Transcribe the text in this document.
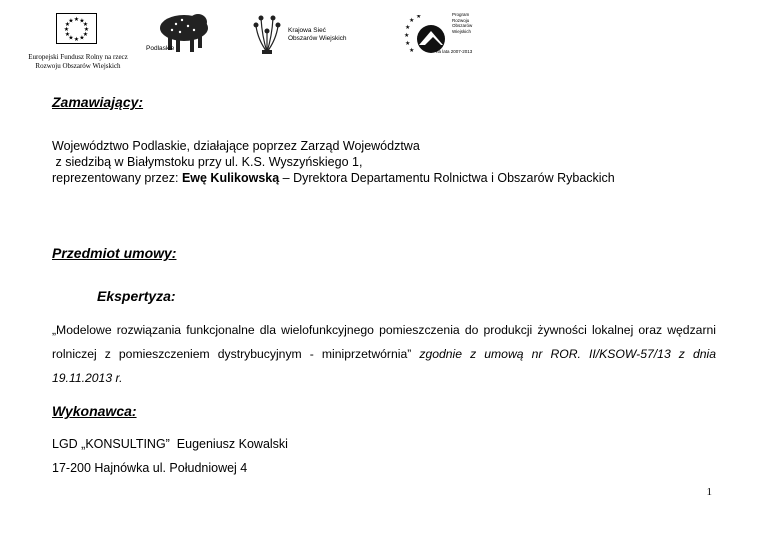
★ ★
★
★
★
★
★
★
★
★
★
★
Europejski Fundusz Rolny na rzecz
Rozwoju Obszarów Wiejskich
Podlaskie
Krajowa Sieć
Obszarów Wiejskich
★
★
★
★
★
★
Program
Rozwoju
Obszarów
Wiejskich
na lata 2007-2013
Zamawiający:
Województwo Podlaskie, działające poprzez Zarząd Województwa
z siedzibą w Białymstoku przy ul. K.S. Wyszyńskiego 1,
reprezentowany przez: Ewę Kulikowską – Dyrektora Departamentu Rolnictwa i Obszarów Rybackich
Przedmiot umowy:
Ekspertyza:
„Modelowe rozwiązania funkcjonalne dla wielofunkcyjnego pomieszczenia do produkcji żywności lokalnej oraz wędzarni rolniczej z pomieszczeniem dystrybucyjnym - miniprzetwórnia” zgodnie z umową nr ROR. II/KSOW-57/13 z dnia 19.11.2013 r.
Wykonawca:
LGD „KONSULTING”  Eugeniusz Kowalski
17-200 Hajnówka ul. Południowej 4
1
